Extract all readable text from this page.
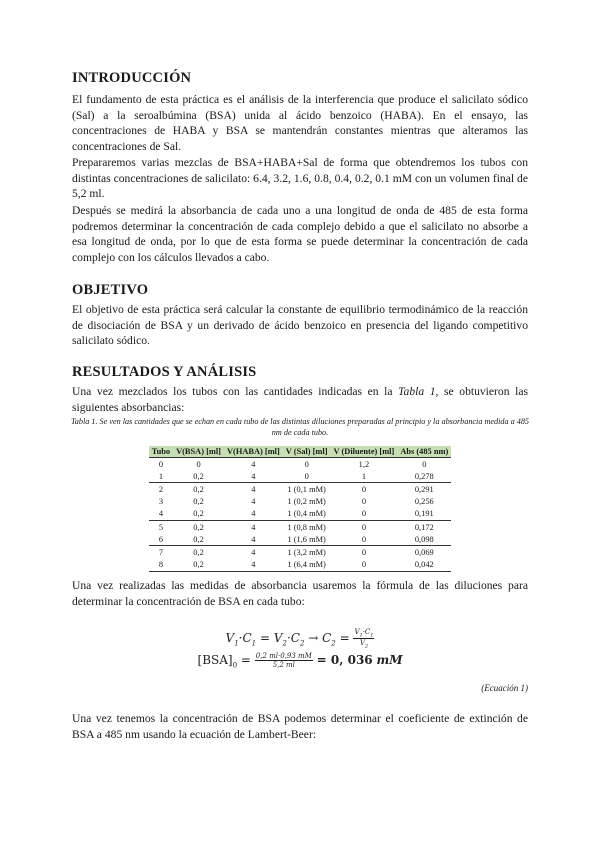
INTRODUCCIÓN

El fundamento de esta práctica es el análisis de la interferencia que produce el salicilato sódico (Sal) a la seroalbúmina (BSA) unida al ácido benzoico (HABA). En el ensayo, las concentraciones de HABA y BSA se mantendrán constantes mientras que alteramos las concentraciones de Sal.

Prepararemos varias mezclas de BSA+HABA+Sal de forma que obtendremos los tubos con distintas concentraciones de salicilato: 6.4, 3.2, 1.6, 0.8, 0.4, 0.2, 0.1 mM con un volumen final de 5,2 ml.

Después se medirá la absorbancia de cada uno a una longitud de onda de 485 de esta forma podremos determinar la concentración de cada complejo debido a que el salicilato no absorbe a esa longitud de onda, por lo que de esta forma se puede determinar la concentración de cada complejo con los cálculos llevados a cabo.

OBJETIVO

El objetivo de esta práctica será calcular la constante de equilibrio termodinámico de la reacción de disociación de BSA y un derivado de ácido benzoico en presencia del ligando competitivo salicilato sódico.

RESULTADOS Y ANÁLISIS

Una vez mezclados los tubos con las cantidades indicadas en la Tabla 1, se obtuvieron las siguientes absorbancias:

Tabla 1. Se ven las cantidades que se echan en cada tubo de las distintas diluciones preparadas al principio y la absorbancia medida a 485 nm de cada tubo.

Tubo	V(BSA) [ml]	V(HABA) [ml]	V (Sal) [ml]	V (Diluente) [ml]	Abs (485 nm)
0	0	4	0	1,2	0
1	0,2	4	0	1	0,278
2	0,2	4	1 (0,1 mM)	0	0,291
3	0,2	4	1 (0,2 mM)	0	0,256
4	0,2	4	1 (0,4 mM)	0	0,191
5	0,2	4	1 (0,8 mM)	0	0,172
6	0,2	4	1 (1,6 mM)	0	0,098
7	0,2	4	1 (3,2 mM)	0	0,069
8	0,2	4	1 (6,4 mM)	0	0,042

Una vez realizadas las medidas de absorbancia usaremos la fórmula de las diluciones para determinar la concentración de BSA en cada tubo:

$V_1\cdot C_1 = V_2\cdot C_2 \to C_2 = \frac{V_1\cdot C_1}{V_2}$
$[BSA]_0 = \frac{0,2 ml\cdot 0,93 mM}{5,2 ml} = 0$, 036 mM
(Ecuación 1)

Una vez tenemos la concentración de BSA podemos determinar el coeficiente de extinción de BSA a 485 nm usando la ecuación de Lambert-Beer:
